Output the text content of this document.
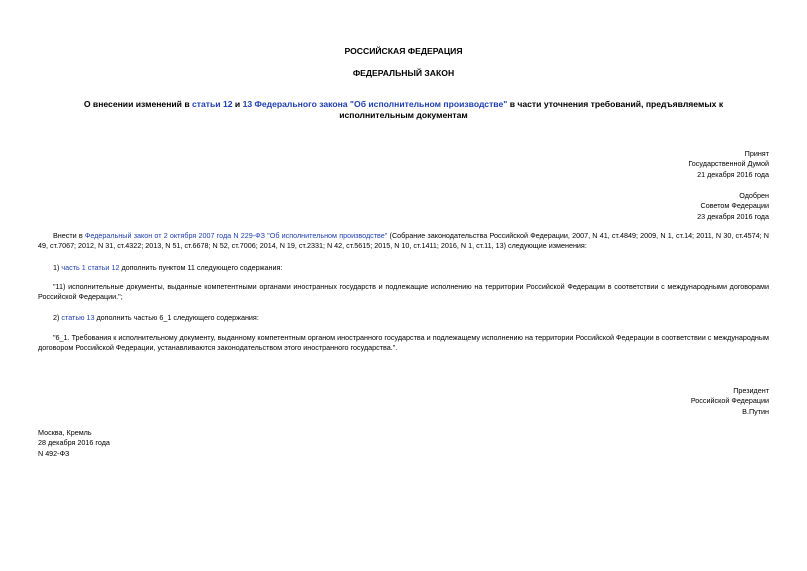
РОССИЙСКАЯ ФЕДЕРАЦИЯ
ФЕДЕРАЛЬНЫЙ ЗАКОН
О внесении изменений в статьи 12 и 13 Федерального закона "Об исполнительном производстве" в части уточнения требований, предъявляемых к исполнительным документам
Принят
Государственной Думой
21 декабря 2016 года
Одобрен
Советом Федерации
23 декабря 2016 года
Внести в Федеральный закон от 2 октября 2007 года N 229-ФЗ "Об исполнительном производстве" (Собрание законодательства Российской Федерации, 2007, N 41, ст.4849; 2009, N 1, ст.14; 2011, N 30, ст.4574; N 49, ст.7067; 2012, N 31, ст.4322; 2013, N 51, ст.6678; N 52, ст.7006; 2014, N 19, ст.2331; N 42, ст.5615; 2015, N 10, ст.1411; 2016, N 1, ст.11, 13) следующие изменения:
1) часть 1 статьи 12 дополнить пунктом 11 следующего содержания:
"11) исполнительные документы, выданные компетентными органами иностранных государств и подлежащие исполнению на территории Российской Федерации в соответствии с международными договорами Российской Федерации.";
2) статью 13 дополнить частью 6_1 следующего содержания:
"6_1. Требования к исполнительному документу, выданному компетентным органом иностранного государства и подлежащему исполнению на территории Российской Федерации в соответствии с международным договором Российской Федерации, устанавливаются законодательством этого иностранного государства.".
Президент
Российской Федерации
В.Путин
Москва, Кремль
28 декабря 2016 года
N 492-ФЗ
